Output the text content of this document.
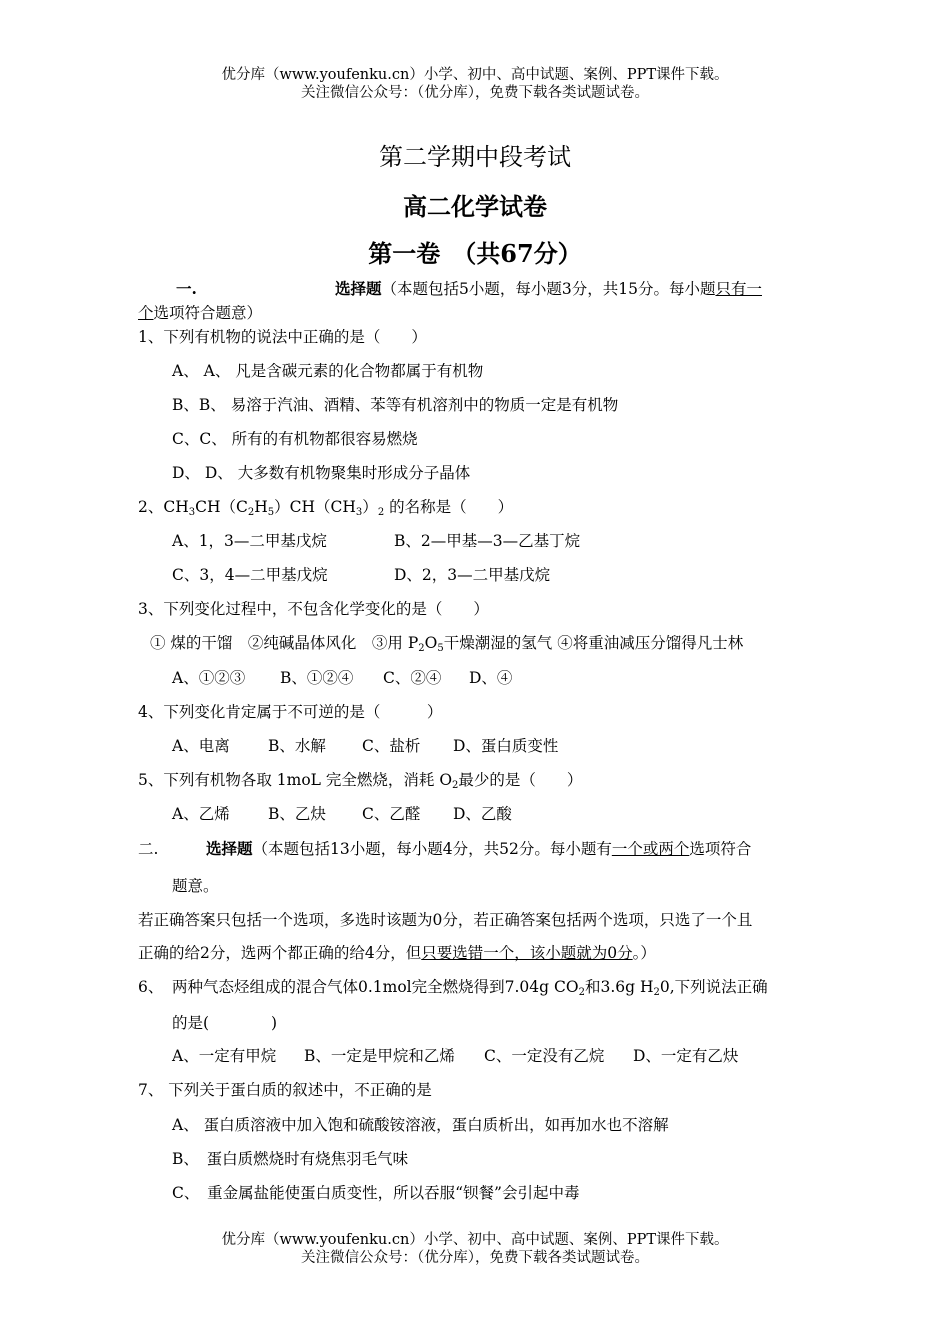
优分库（www.youfenku.cn）小学、初中、高中试题、案例、PPT课件下载。
关注微信公众号：（优分库），免费下载各类试题试卷。
第二学期中段考试
高二化学试卷
第一卷　（共67分）
一.	选择题（本题包括5小题，每小题3分，共15分。每小题只有一
个选项符合题意）
1、下列有机物的说法中正确的是（　　）
A、 A、 凡是含碳元素的化合物都属于有机物
B、B、 易溶于汽油、酒精、苯等有机溶剂中的物质一定是有机物
C、C、 所有的有机物都很容易燃烧
D、 D、 大多数有机物聚集时形成分子晶体
2、$CH_3CH(C_2H_5)CH(CH_3)_2$ 的名称是（　　）
A、1，3—二甲基戊烷	B、2—甲基—3—乙基丁烷
C、3，4—二甲基戊烷	D、2，3—二甲基戊烷
3、下列变化过程中，不包含化学变化的是（　　）
① 煤的干馏　②纯碱晶体风化　③用 $P_2O_5$干燥潮湿的氢气 ④将重油减压分馏得凡士林
A、①②③ B、①②④ C、②④ D、④
4、下列变化肯定属于不可逆的是（　　　）
A、电离 B、水解 C、盐析 D、蛋白质变性
5、下列有机物各取 1moL 完全燃烧，消耗 $O_2$最少的是（　　）
A、乙烯 B、乙炔 C、乙醛 D、乙酸
二.	选择题（本题包括13小题，每小题4分，共52分。每小题有一个或两个选项符合
题意。
若正确答案只包括一个选项，多选时该题为0分，若正确答案包括两个选项，只选了一个且
正确的给2分，选两个都正确的给4分，但只要选错一个，该小题就为0分。）
6、 两种气态烃组成的混合气体0.1mol完全燃烧得到7.04g $CO_2$和3.6g $H_20$,下列说法正确
的是(　　　　)
A、一定有甲烷 B、一定是甲烷和乙烯 C、一定没有乙烷 D、一定有乙炔
7、 下列关于蛋白质的叙述中，不正确的是
A、 蛋白质溶液中加入饱和硫酸铵溶液，蛋白质析出，如再加水也不溶解
B、　蛋白质燃烧时有烧焦羽毛气味
C、　重金属盐能使蛋白质变性，所以吞服“钡餐”会引起中毒
优分库（www.youfenku.cn）小学、初中、高中试题、案例、PPT课件下载。
关注微信公众号：（优分库），免费下载各类试题试卷。
